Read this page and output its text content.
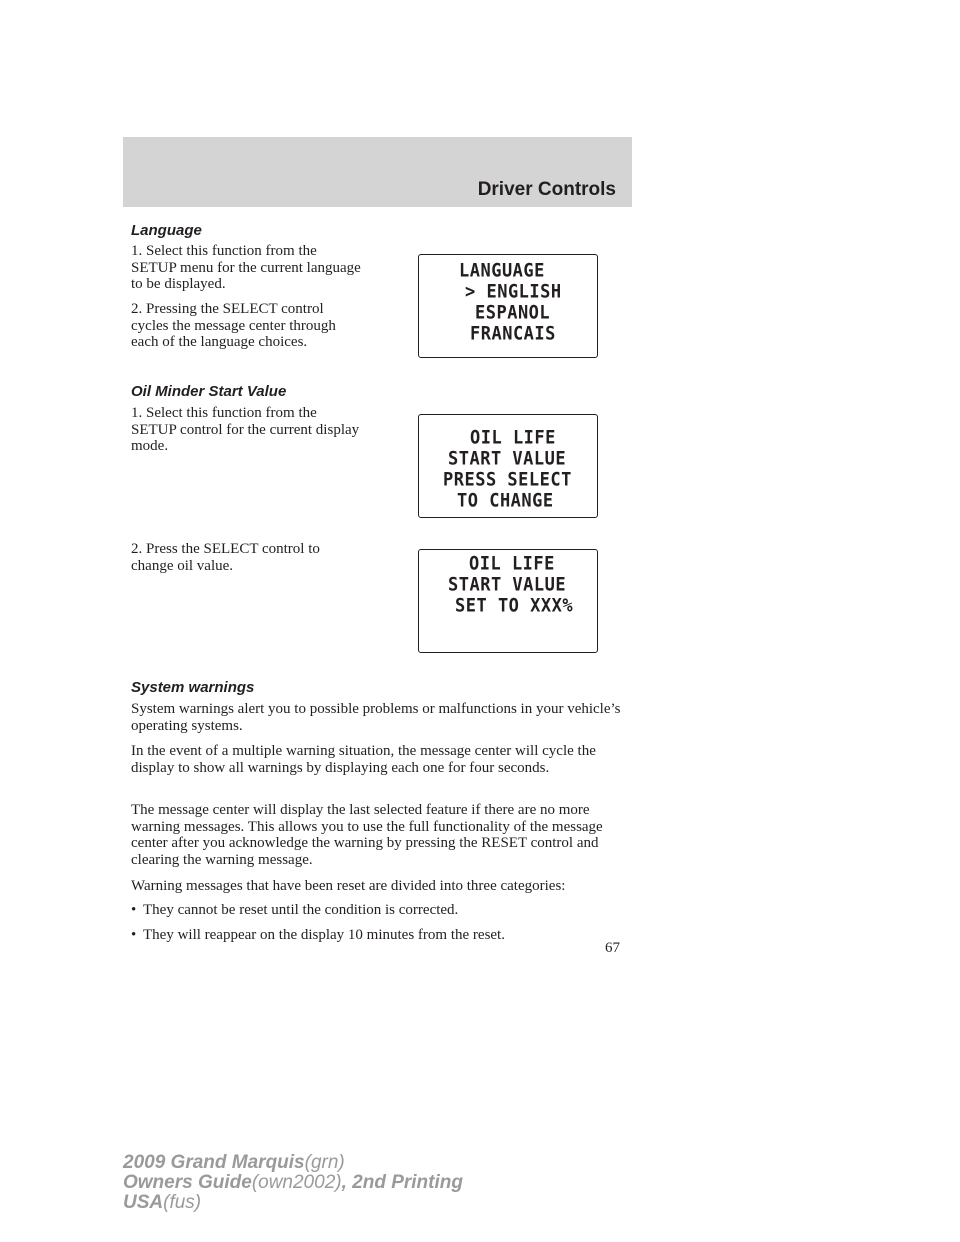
Driver Controls
Language
1. Select this function from the SETUP menu for the current language to be displayed.
2. Pressing the SELECT control cycles the message center through each of the language choices.
LANGUAGE
> ENGLISH
ESPANOL
FRANCAIS
Oil Minder Start Value
1. Select this function from the SETUP control for the current display mode.	OIL LIFE
START VALUE
PRESS SELECT
TO CHANGE
2. Press the SELECT control to change oil value.	OIL LIFE
START VALUE
SET TO XXX%
System warnings
System warnings alert you to possible problems or malfunctions in your vehicle’s operating systems.
In the event of a multiple warning situation, the message center will cycle the display to show all warnings by displaying each one for four seconds.
The message center will display the last selected feature if there are no more warning messages. This allows you to use the full functionality of the message center after you acknowledge the warning by pressing the RESET control and clearing the warning message.
Warning messages that have been reset are divided into three categories:
• They cannot be reset until the condition is corrected.
• They will reappear on the display 10 minutes from the reset.
67
2009 Grand Marquis(grn)
Owners Guide(own2002), 2nd Printing
USA(fus)
